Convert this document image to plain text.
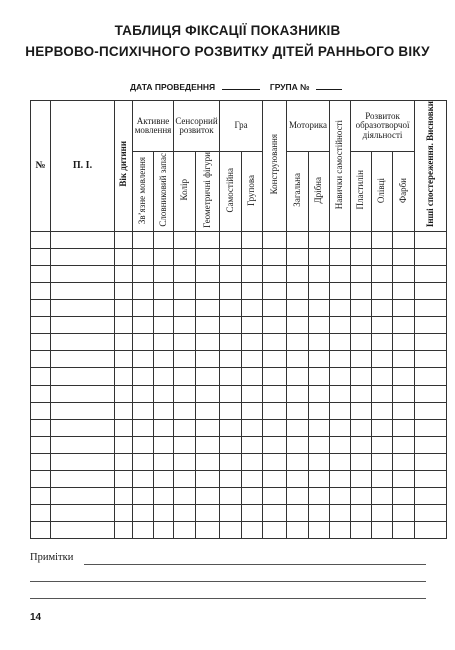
ТАБЛИЦЯ ФІКСАЦІЇ ПОКАЗНИКІВ
НЕРВОВО-ПСИХІЧНОГО РОЗВИТКУ ДІТЕЙ РАННЬОГО ВІКУ
ДАТА ПРОВЕДЕННЯ	ГРУПА №
№	П. І.	Вік дитини	Активне мовлення		Сенсорний розвиток		Гра		Конструювання	Моторика		Навички самостійності	Розвиток образотворчої діяльності			Інші спостереження. Висновки
			Зв’язне мовлення	Словниковий запас	Колір	Геометричні фігури	Самостійна	Групова		Загальна	Дрібна		Пластилін	Олівці	Фарби	

Примітки
14
